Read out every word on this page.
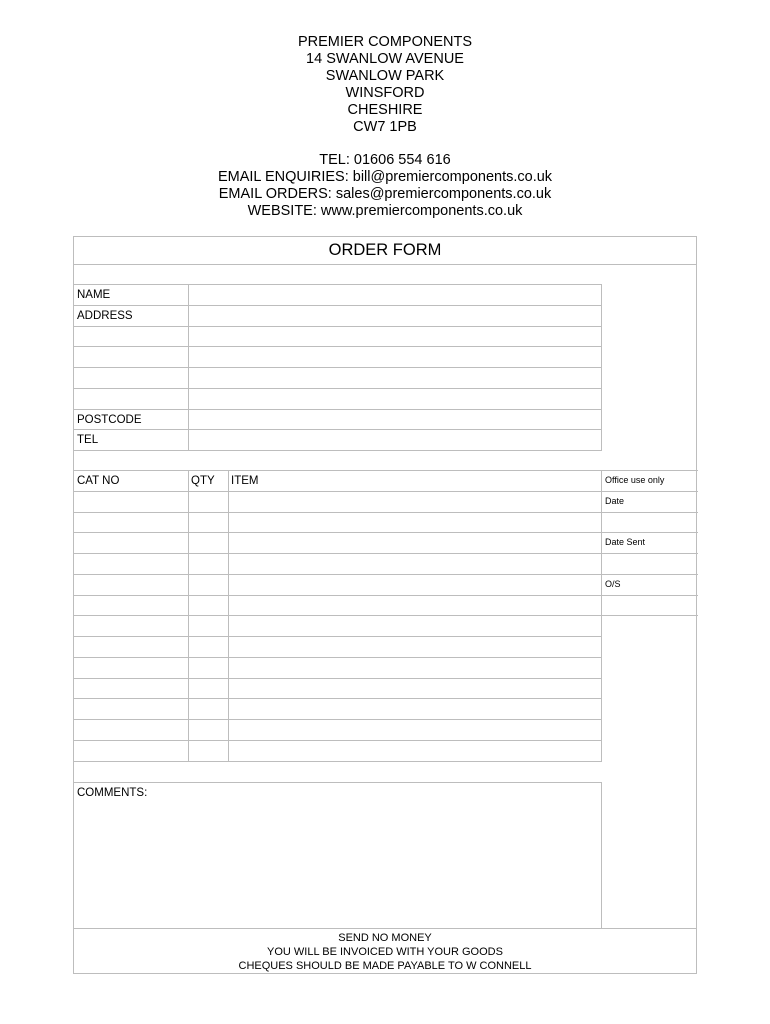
PREMIER COMPONENTS
14 SWANLOW AVENUE
SWANLOW PARK
WINSFORD
CHESHIRE
CW7 1PB
TEL: 01606 554 616
EMAIL ENQUIRIES: bill@premiercomponents.co.uk
EMAIL ORDERS: sales@premiercomponents.co.uk
WEBSITE: www.premiercomponents.co.uk
ORDER FORM
NAME
ADDRESS
POSTCODE
TEL
CAT NO	QTY	ITEM	Office use only
Date
Date Sent
O/S
COMMENTS:
SEND NO MONEY
YOU WILL BE INVOICED WITH YOUR GOODS
CHEQUES SHOULD BE MADE PAYABLE TO W CONNELL
